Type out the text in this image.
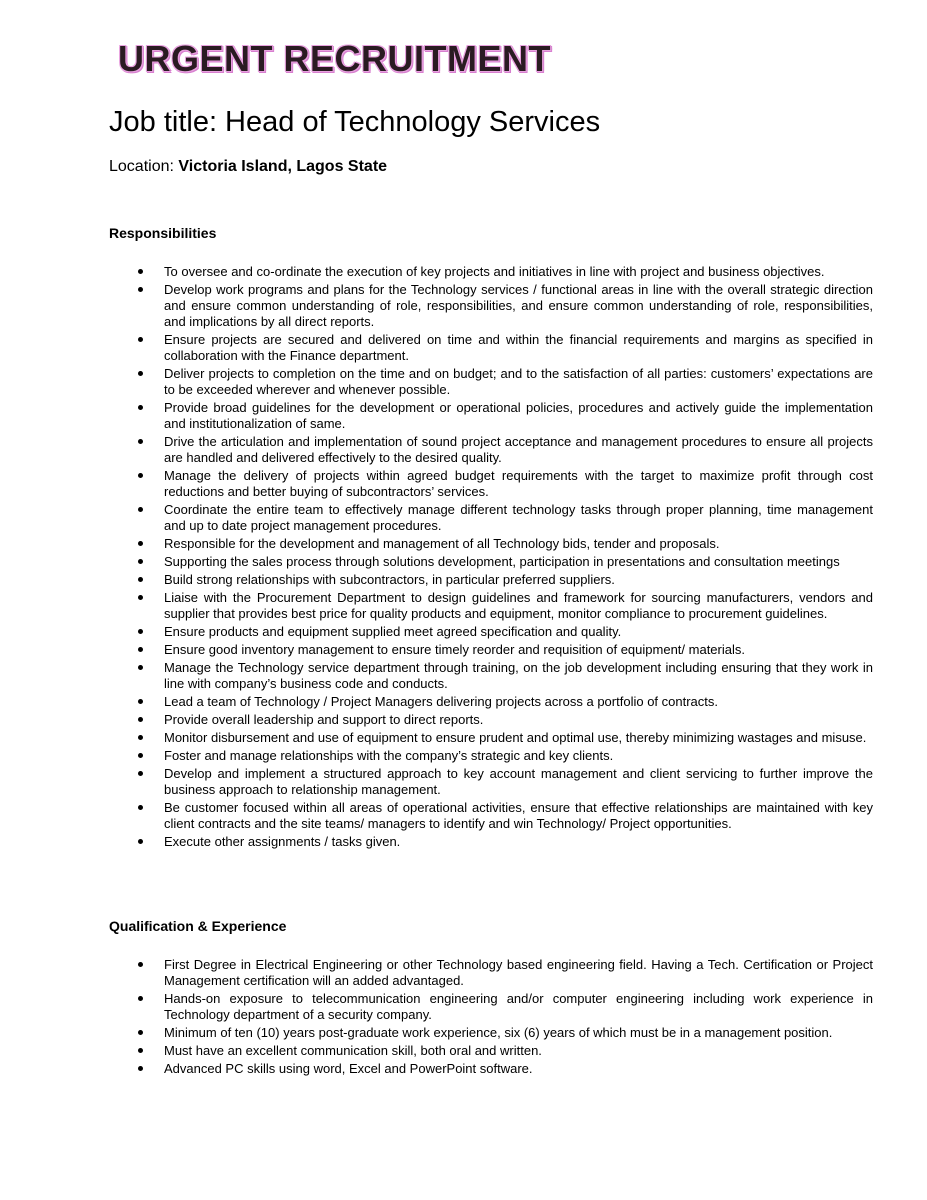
URGENT RECRUITMENT
Job title: Head of Technology Services
Location: Victoria Island, Lagos State
Responsibilities
To oversee and co-ordinate the execution of key projects and initiatives in line with project and business objectives.
Develop work programs and plans for the Technology services / functional areas in line with the overall strategic direction and ensure common understanding of role, responsibilities, and ensure common understanding of role, responsibilities, and implications by all direct reports.
Ensure projects are secured and delivered on time and within the financial requirements and margins as specified in collaboration with the Finance department.
Deliver projects to completion on the time and on budget; and to the satisfaction of all parties: customers’ expectations are to be exceeded wherever and whenever possible.
Provide broad guidelines for the development or operational policies, procedures and actively guide the implementation and institutionalization of same.
Drive the articulation and implementation of sound project acceptance and management procedures to ensure all projects are handled and delivered effectively to the desired quality.
Manage the delivery of projects within agreed budget requirements with the target to maximize profit through cost reductions and better buying of subcontractors’ services.
Coordinate the entire team to effectively manage different technology tasks through proper planning, time management and up to date project management procedures.
Responsible for the development and management of all Technology bids, tender and proposals.
Supporting the sales process through solutions development, participation in presentations and consultation meetings
Build strong relationships with subcontractors, in particular preferred suppliers.
Liaise with the Procurement Department to design guidelines and framework for sourcing manufacturers, vendors and supplier that provides best price for quality products and equipment, monitor compliance to procurement guidelines.
Ensure products and equipment supplied meet agreed specification and quality.
Ensure good inventory management to ensure timely reorder and requisition of equipment/ materials.
Manage the Technology service department through training, on the job development including ensuring that they work in line with company’s business code and conducts.
Lead a team of Technology / Project Managers delivering projects across a portfolio of contracts.
Provide overall leadership and support to direct reports.
Monitor disbursement and use of equipment to ensure prudent and optimal use, thereby minimizing wastages and misuse.
Foster and manage relationships with the company’s strategic and key clients.
Develop and implement a structured approach to key account management and client servicing to further improve the business approach to relationship management.
Be customer focused within all areas of operational activities, ensure that effective relationships are maintained with key client contracts and the site teams/ managers to identify and win Technology/ Project opportunities.
Execute other assignments / tasks given.
Qualification & Experience
First Degree in Electrical Engineering or other Technology based engineering field. Having a Tech. Certification or Project Management certification will an added advantaged.
Hands-on exposure to telecommunication engineering and/or computer engineering including work experience in Technology department of a security company.
Minimum of ten (10) years post-graduate work experience, six (6) years of which must be in a management position.
Must have an excellent communication skill, both oral and written.
Advanced PC skills using word, Excel and PowerPoint software.
